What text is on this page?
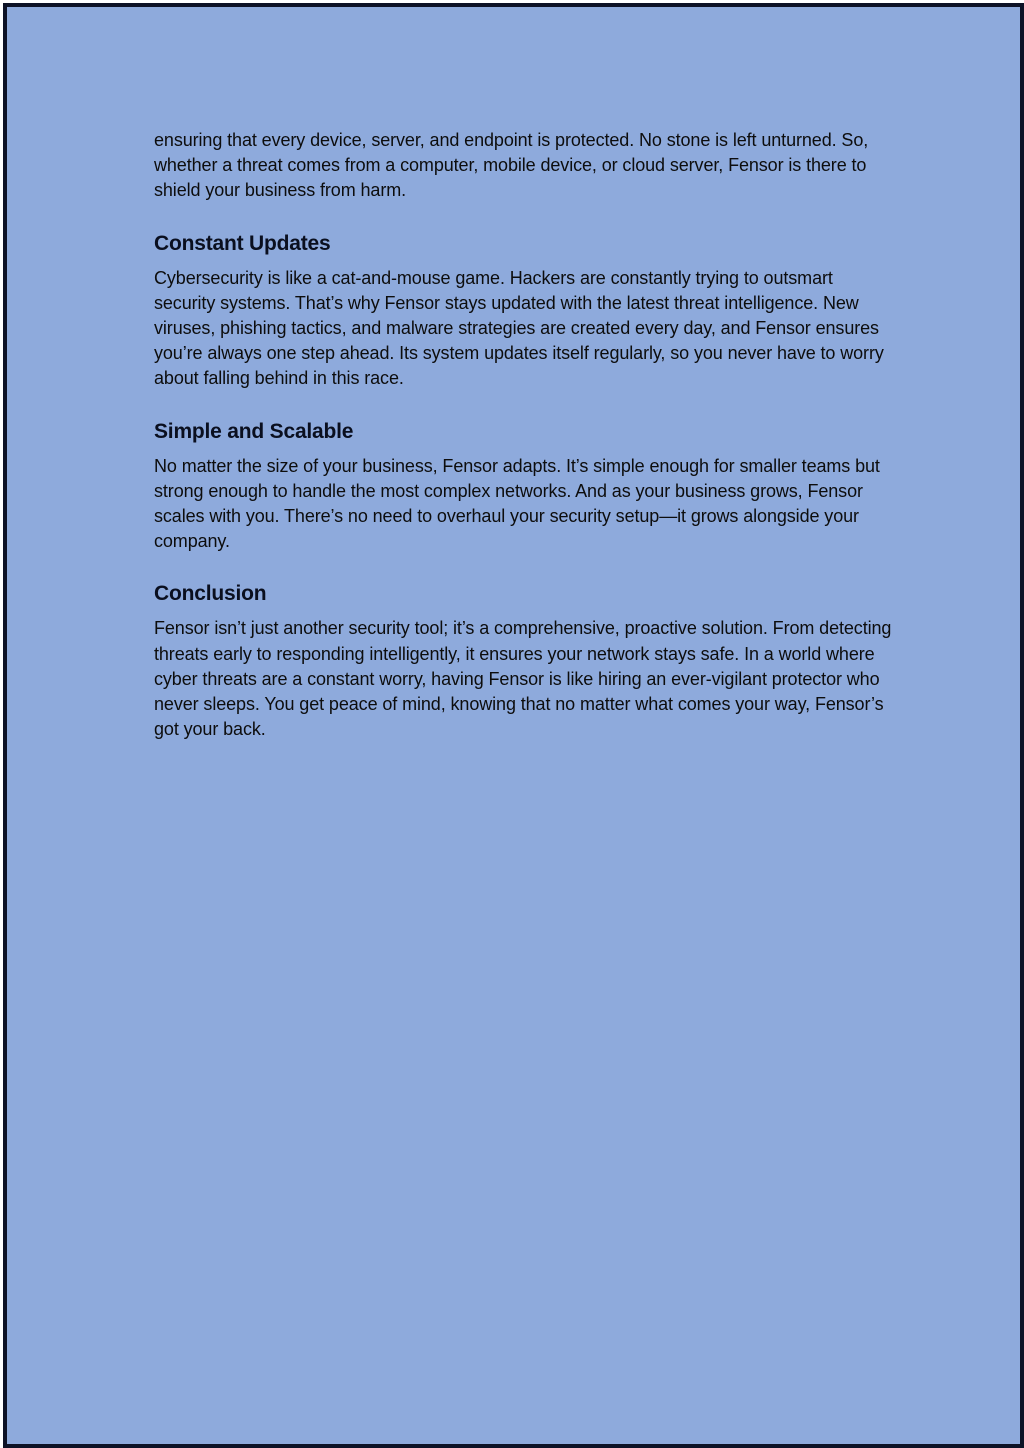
ensuring that every device, server, and endpoint is protected. No stone is left unturned. So, whether a threat comes from a computer, mobile device, or cloud server, Fensor is there to shield your business from harm.

Constant Updates

Cybersecurity is like a cat-and-mouse game. Hackers are constantly trying to outsmart security systems. That’s why Fensor stays updated with the latest threat intelligence. New viruses, phishing tactics, and malware strategies are created every day, and Fensor ensures you’re always one step ahead. Its system updates itself regularly, so you never have to worry about falling behind in this race.

Simple and Scalable

No matter the size of your business, Fensor adapts. It’s simple enough for smaller teams but strong enough to handle the most complex networks. And as your business grows, Fensor scales with you. There’s no need to overhaul your security setup—it grows alongside your company.

Conclusion

Fensor isn’t just another security tool; it’s a comprehensive, proactive solution. From detecting threats early to responding intelligently, it ensures your network stays safe. In a world where cyber threats are a constant worry, having Fensor is like hiring an ever-vigilant protector who never sleeps. You get peace of mind, knowing that no matter what comes your way, Fensor’s got your back.
